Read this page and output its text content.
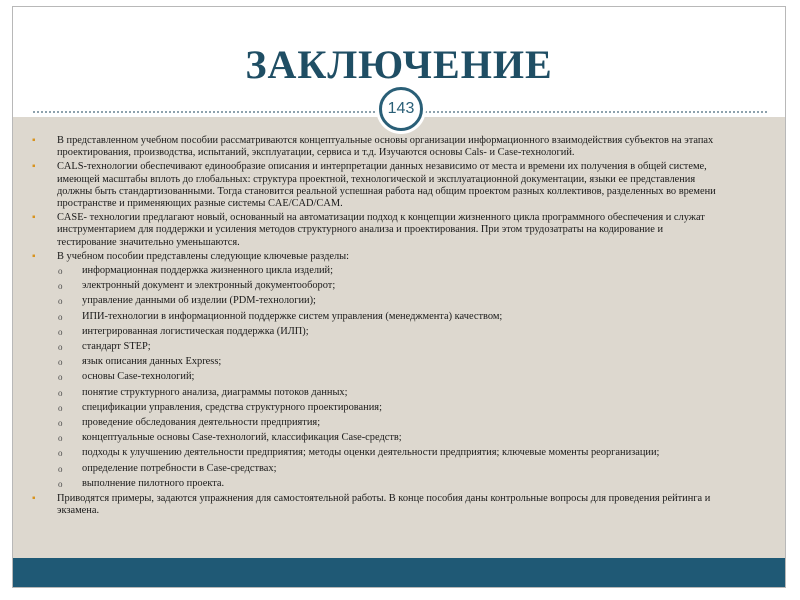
ЗАКЛЮЧЕНИЕ
▪ В представленном учебном пособии рассматриваются концептуальные основы организации информационного взаимодействия субъектов на этапах проектирования, производства, испытаний, эксплуатации, сервиса и т.д. Изучаются основы Cals- и Case-технологий.
▪ CALS-технологии обеспечивают единообразие описания и интерпретации данных независимо от места и времени их получения в общей системе, имеющей масштабы вплоть до глобальных: структура проектной, технологической и эксплуатационной документации, языки ее представления должны быть стандартизованными. Тогда становится реальной успешная работа над общим проектом разных коллективов, разделенных во времени пространстве и применяющих разные системы CAE/CAD/CAM.
▪ CASE- технологии предлагают новый, основанный на автоматизации подход к концепции жизненного цикла программного обеспечения и служат инструментарием для поддержки и усиления методов структурного анализа и проектирования. При этом трудозатраты на кодирование и тестирование значительно уменьшаются.
▪ В учебном пособии представлены следующие ключевые разделы:
o информационная поддержка жизненного цикла изделий;
o электронный документ и электронный документооборот;
o управление данными об изделии (PDM-технологии);
o ИПИ-технологии в информационной поддержке систем управления (менеджмента) качеством;
o интегрированная логистическая поддержка (ИЛП);
o стандарт STEP;
o язык описания данных Express;
o основы Case-технологий;
o понятие структурного анализа, диаграммы потоков данных;
o спецификации управления, средства структурного проектирования;
o проведение обследования деятельности предприятия;
o концептуальные основы Case-технологий, классификация Case-средств;
o подходы к улучшению деятельности предприятия; методы оценки деятельности предприятия; ключевые моменты реорганизации;
o определение потребности в Case-средствах;
o выполнение пилотного проекта.
▪ Приводятся примеры, задаются упражнения для самостоятельной работы. В конце пособия даны контрольные вопросы для проведения рейтинга и экзамена.
143
